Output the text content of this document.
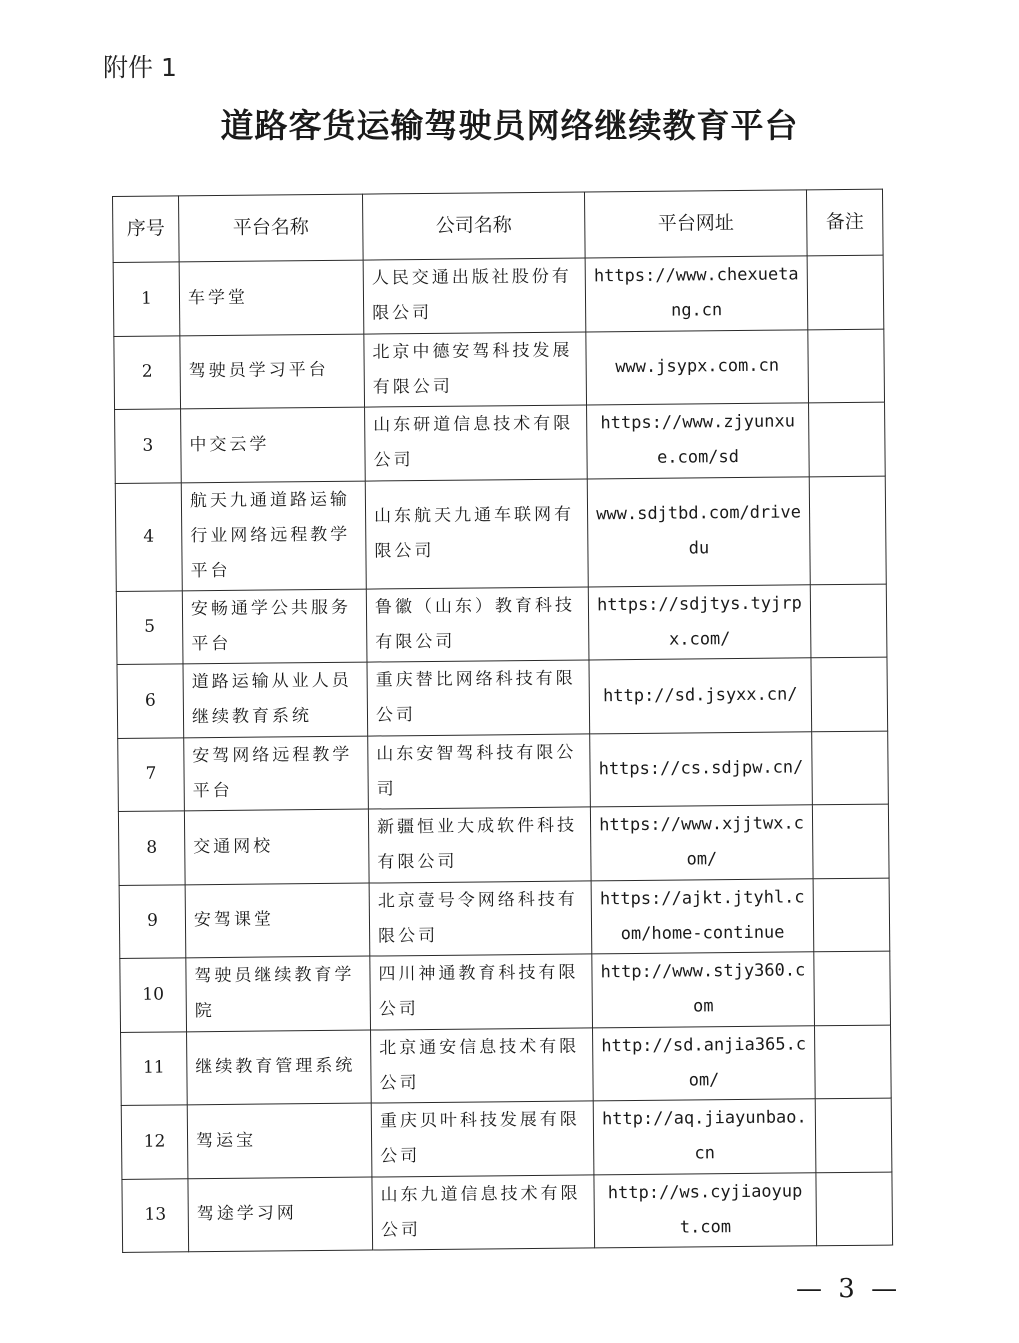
附件 1
道路客货运输驾驶员网络继续教育平台
序号	平台名称	公司名称	平台网址	备注
1	车学堂	人民交通出版社股份有限公司	https://www.chexuetang.cn	
2	驾驶员学习平台	北京中德安驾科技发展有限公司	www.jsypx.com.cn	
3	中交云学	山东研道信息技术有限公司	https://www.zjyunxue.com/sd	
4	航天九通道路运输行业网络远程教学平台	山东航天九通车联网有限公司	www.sdjtbd.com/drivedu	
5	安畅通学公共服务平台	鲁徽（山东）教育科技有限公司	https://sdjtys.tyjrpx.com/	
6	道路运输从业人员继续教育系统	重庆替比网络科技有限公司	http://sd.jsyxx.cn/	
7	安驾网络远程教学平台	山东安智驾科技有限公司	https://cs.sdjpw.cn/	
8	交通网校	新疆恒业大成软件科技有限公司	https://www.xjjtwx.com/	
9	安驾课堂	北京壹号令网络科技有限公司	https://ajkt.jtyhl.com/home-continue	
10	驾驶员继续教育学院	四川神通教育科技有限公司	http://www.stjy360.com	
11	继续教育管理系统	北京通安信息技术有限公司	http://sd.anjia365.com/	
12	驾运宝	重庆贝叶科技发展有限公司	http://aq.jiayunbao.cn	
13	驾途学习网	山东九道信息技术有限公司	http://ws.cyjiaoyupt.com	
— 3 —
